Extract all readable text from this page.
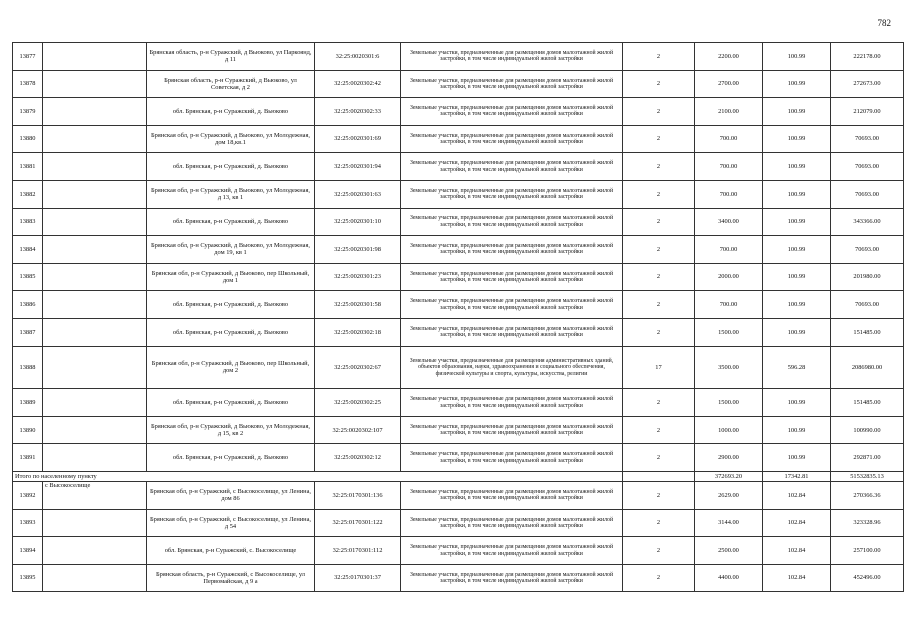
782
13877		Брянская область, р-н Суражский, д Вьюково, ул Паркоянд, д 11	32:25:0020301:6	Земельные участки, предназначенные для размещения домов малоэтажной жилой застройки, в том числе индивидуальной жилой застройки	2	2200.00	100.99	222178.00
13878		Брянская область, р-н Суражский, д Вьюково, ул Советская, д 2	32:25:0020302:42	Земельные участки, предназначенные для размещения домов малоэтажной жилой застройки, в том числе индивидуальной жилой застройки	2	2700.00	100.99	272673.00
13879		обл. Брянская, р-н Суражский, д. Вьюково	32:25:0020302:33	Земельные участки, предназначенные для размещения домов малоэтажной жилой застройки, в том числе индивидуальной жилой застройки	2	2100.00	100.99	212079.00
13880		Брянская обл, р-н Суражский, д Вьюково, ул Молодежная, дом 18,кв.1	32:25:0020301:69	Земельные участки, предназначенные для размещения домов малоэтажной жилой застройки, в том числе индивидуальной жилой застройки	2	700.00	100.99	70693.00
13881		обл. Брянская, р-н Суражский, д. Вьюково	32:25:0020301:94	Земельные участки, предназначенные для размещения домов малоэтажной жилой застройки, в том числе индивидуальной жилой застройки	2	700.00	100.99	70693.00
13882		Брянская обл, р-н Суражский, д Вьюково, ул Молодежная, д 13, кв 1	32:25:0020301:63	Земельные участки, предназначенные для размещения домов малоэтажной жилой застройки, в том числе индивидуальной жилой застройки	2	700.00	100.99	70693.00
13883		обл. Брянская, р-н Суражский, д. Вьюково	32:25:0020301:10	Земельные участки, предназначенные для размещения домов малоэтажной жилой застройки, в том числе индивидуальной жилой застройки	2	3400.00	100.99	343366.00
13884		Брянская обл, р-н Суражский, д Вьюково, ул Молодежная, дом 19, кв 1	32:25:0020301:98	Земельные участки, предназначенные для размещения домов малоэтажной жилой застройки, в том числе индивидуальной жилой застройки	2	700.00	100.99	70693.00
13885		Брянская обл, р-н Суражский, д Вьюково, пер Школьный, дом 1	32:25:0020301:23	Земельные участки, предназначенные для размещения домов малоэтажной жилой застройки, в том числе индивидуальной жилой застройки	2	2000.00	100.99	201980.00
13886		обл. Брянская, р-н Суражский, д. Вьюково	32:25:0020301:58	Земельные участки, предназначенные для размещения домов малоэтажной жилой застройки, в том числе индивидуальной жилой застройки	2	700.00	100.99	70693.00
13887		обл. Брянская, р-н Суражский, д. Вьюково	32:25:0020302:18	Земельные участки, предназначенные для размещения домов малоэтажной жилой застройки, в том числе индивидуальной жилой застройки	2	1500.00	100.99	151485.00
13888		Брянская обл, р-н Суражский, д Вьюково, пер Школьный, дом 2	32:25:0020302:67	Земельные участки, предназначенные для размещения административных зданий, объектов образования, науки, здравоохранения и социального обеспечения, физической культуры и спорта, культуры, искусства, религии	17	3500.00	596.28	2086980.00
13889		обл. Брянская, р-н Суражский, д. Вьюково	32:25:0020302:25	Земельные участки, предназначенные для размещения домов малоэтажной жилой застройки, в том числе индивидуальной жилой застройки	2	1500.00	100.99	151485.00
13890		Брянская обл, р-н Суражский, д Вьюково, ул Молодежная, д 15, кв 2	32:25:0020302:107	Земельные участки, предназначенные для размещения домов малоэтажной жилой застройки, в том числе индивидуальной жилой застройки	2	1000.00	100.99	100990.00
13891		обл. Брянская, р-н Суражский, д. Вьюково	32:25:0020302:12	Земельные участки, предназначенные для размещения домов малоэтажной жилой застройки, в том числе индивидуальной жилой застройки	2	2900.00	100.99	292871.00
Итого по населенному пункту						372693.20	17342.81	51532835.13
13892	с Высокоселище	Брянская обл, р-н Суражский, с Высокоселище, ул Ленина, дом 86	32:25:0170301:136	Земельные участки, предназначенные для размещения домов малоэтажной жилой застройки, в том числе индивидуальной жилой застройки	2	2629.00	102.84	270366.36
13893		Брянская обл, р-н Суражский, с Высокоселище, ул Ленина, д 54	32:25:0170301:122	Земельные участки, предназначенные для размещения домов малоэтажной жилой застройки, в том числе индивидуальной жилой застройки	2	3144.00	102.84	323328.96
13894		обл. Брянская, р-н Суражский, с. Высокоселище	32:25:0170301:112	Земельные участки, предназначенные для размещения домов малоэтажной жилой застройки, в том числе индивидуальной жилой застройки	2	2500.00	102.84	257100.00
13895		Брянская область, р-н Суражский, с Высокоселище, ул Первомайская, д 9 а	32:25:0170301:37	Земельные участки, предназначенные для размещения домов малоэтажной жилой застройки, в том числе индивидуальной жилой застройки	2	4400.00	102.84	452496.00
